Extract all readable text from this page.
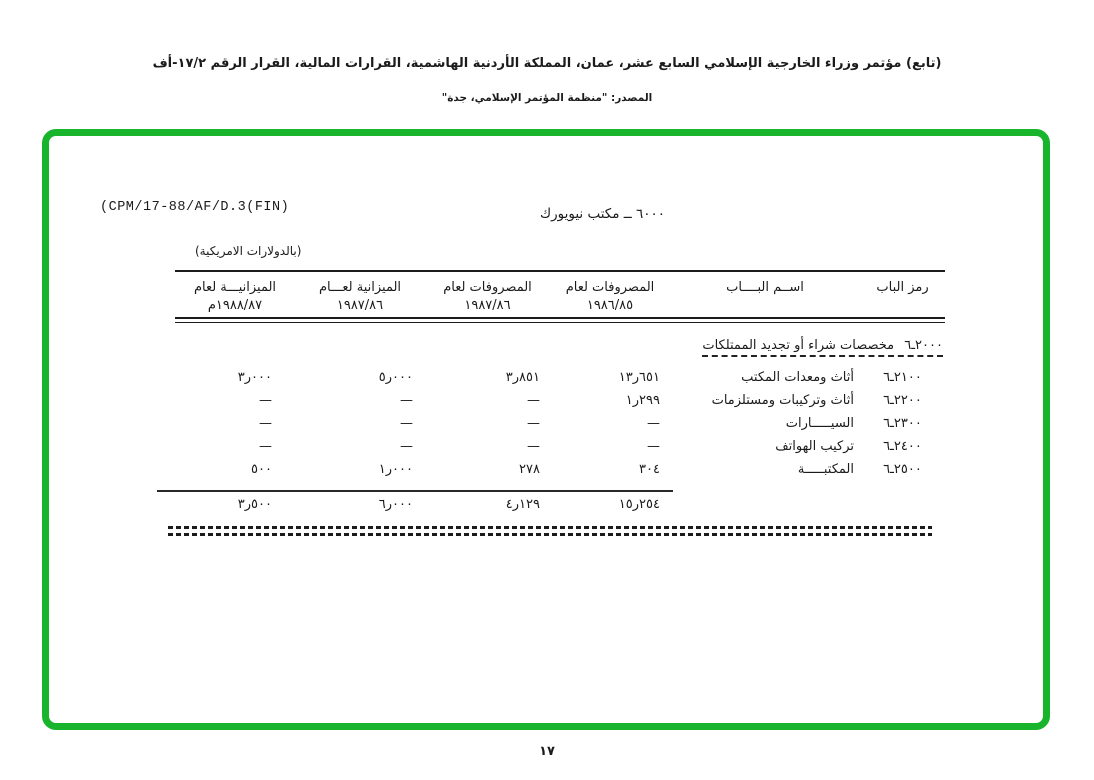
(تابع) مؤتمر وزراء الخارجية الإسلامي السابع عشر، عمان، المملكة الأردنية الهاشمية، القرارات المالية، القرار الرقم ١٧/٢-أف
المصدر: "منظمة المؤتمر الإسلامي، جدة"
(CPM/17-88/AF/D.3(FIN)	٦٠٠٠ ــ مكتب نيويورك
(بالدولارات الامريكية)
رمز الباب
اســم البــــاب
المصروفات لعام
١٩٨٦/٨٥
المصروفات لعام
١٩٨٧/٨٦
الميزانية لعـــام
١٩٨٧/٨٦
الميزانيـــة لعام
م١٩٨٨/٨٧
٦ـ٢٠٠٠ مخصصات شراء أو تجديد الممتلكات
٦ـ٢١٠٠
أثاث ومعدات المكتب
١٣ر٦٥١
٣ر٨٥١
٥ر٠٠٠
٣ر٠٠٠
٦ـ٢٢٠٠
أثاث وتركيبات ومستلزمات
١ر٢٩٩
—
—
—
٦ـ٢٣٠٠
السيـــــارات
—
—
—
—
٦ـ٢٤٠٠
تركيب الهواتف
—
—
—
—
٦ـ٢٥٠٠
المكتبـــــة
٣٠٤
٢٧٨
١ر٠٠٠
٥٠٠
١٥ر٢٥٤
٤ر١٢٩
٦ر٠٠٠
٣ر٥٠٠
١٧
